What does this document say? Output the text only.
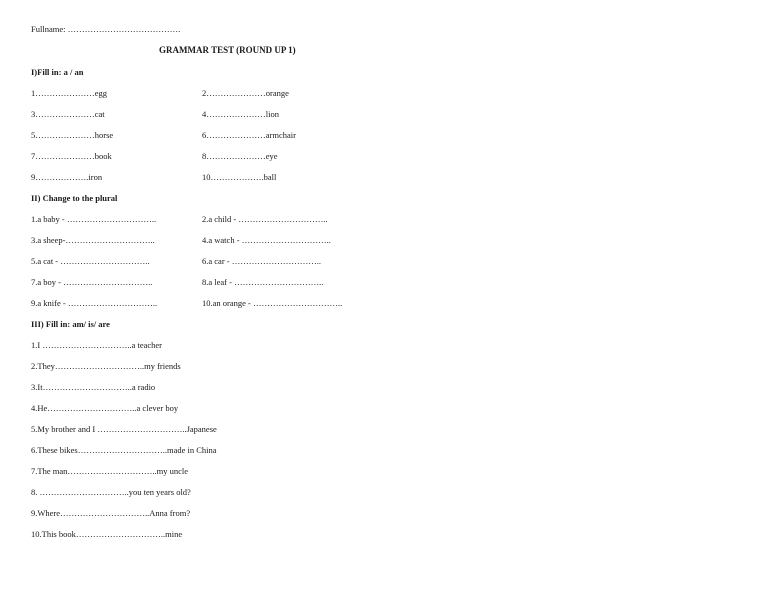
Fullname: ………………………………….
GRAMMAR TEST (ROUND UP 1)
I)Fill in: a / an
1…………………egg	2…………………orange
3…………………cat	4…………………lion
5…………………horse	6…………………armchair
7…………………book	8…………………eye
9……………….iron	10……………….ball
II) Change to the plural
1.a baby - …………………………..	2.a child - …………………………..
3.a sheep-…………………………..	4.a watch - …………………………..
5.a cat - …………………………..	6.a car - …………………………..
7.a boy - …………………………..	8.a leaf - …………………………..
9.a knife - …………………………..	10.an orange - …………………………..
III) Fill in: am/ is/ are
1.I …………………………..a teacher
2.They…………………………..my friends
3.It…………………………..a radio
4.He…………………………..a clever boy
5.My brother and I …………………………..Japanese
6.These bikes…………………………..made in China
7.The man…………………………..my uncle
8. …………………………..you ten years old?
9.Where…………………………..Anna from?
10.This book…………………………..mine
